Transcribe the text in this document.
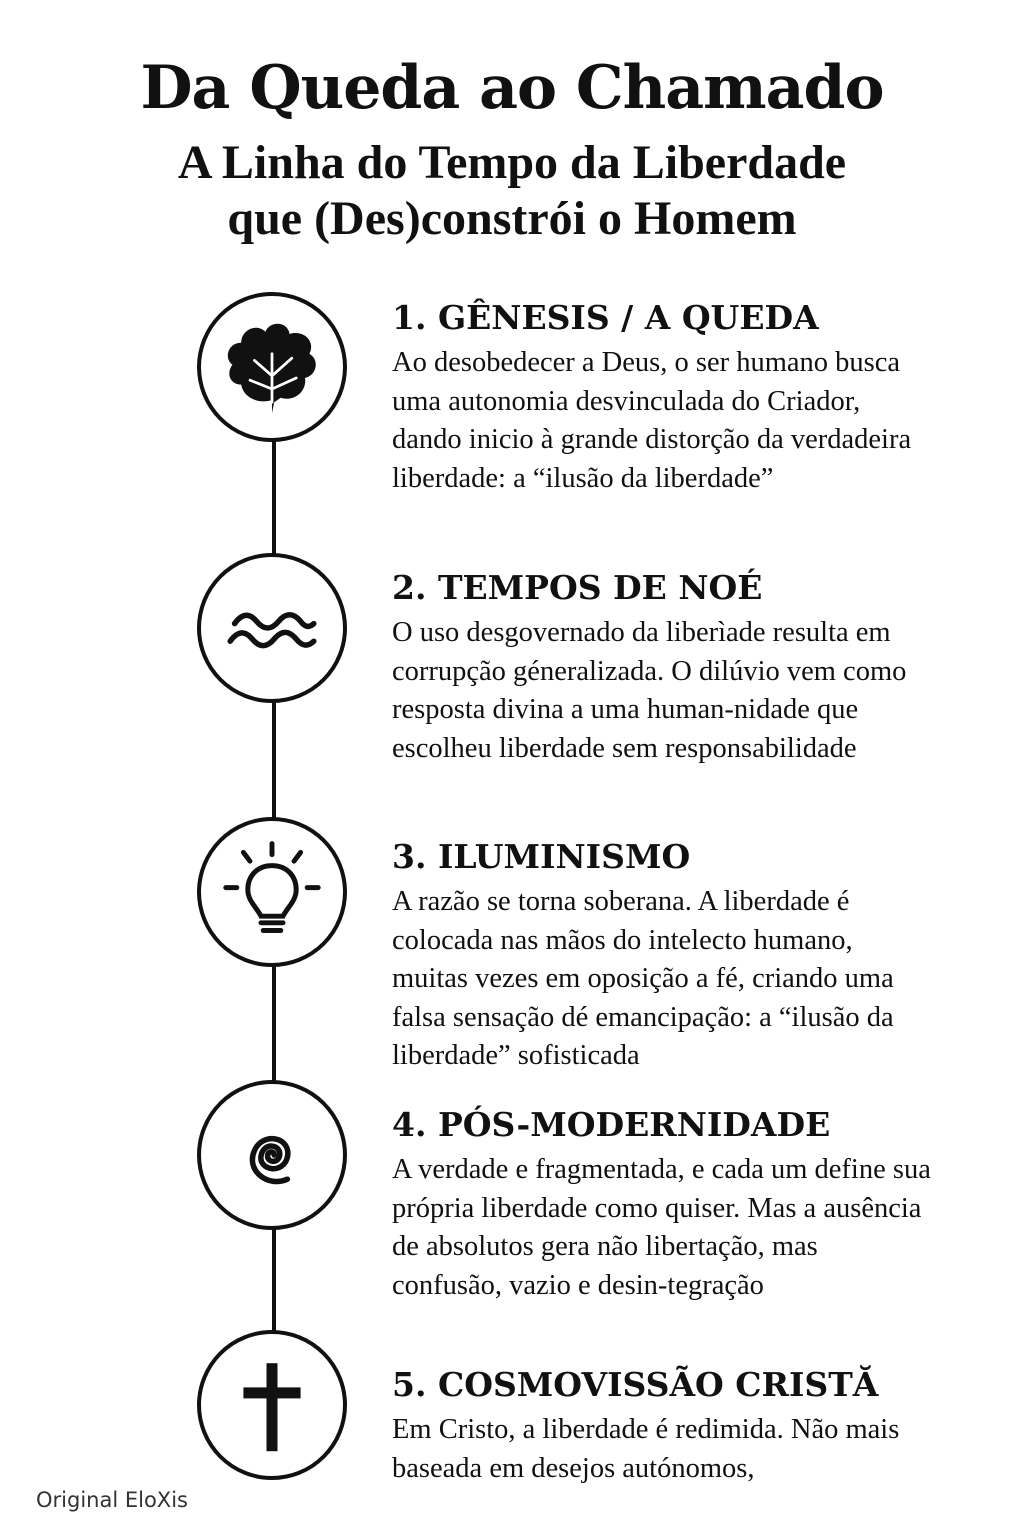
Da Queda ao Chamado
A Linha do Tempo da Liberdade
que (Des)constrói o Homem
1. GÊNESIS / A QUEDA

Ao desobedecer a Deus, o ser humano busca uma autonomia desvinculada do Criador, dando inicio à grande distorção da verdadeira liberdade: a “ilusão da liberdade”

2. TEMPOS DE NOÉ

O uso desgovernado da liberìade resulta em corrupção géneralizada. O dilúvio vem como resposta divina a uma human-nidade que escolheu liberdade sem responsabilidade

3. ILUMINISMO

A razão se torna soberana. A liberdade é colocada nas mãos do intelecto humano, muitas vezes em oposição a fé, criando uma falsa sensação dé emancipação: a “ilusão da liberdade” sofisticada

4. PÓS-MODERNIDADE

A verdade e fragmentada, e cada um define sua própria liberdade como quiser. Mas a ausência de absolutos gera não libertação, mas confusão, vazio e desin-tegração

5. COSMOVISSÃO CRISTĂ

Em Cristo, a liberdade é redimida. Não mais baseada em desejos autónomos,

Original EloXis
